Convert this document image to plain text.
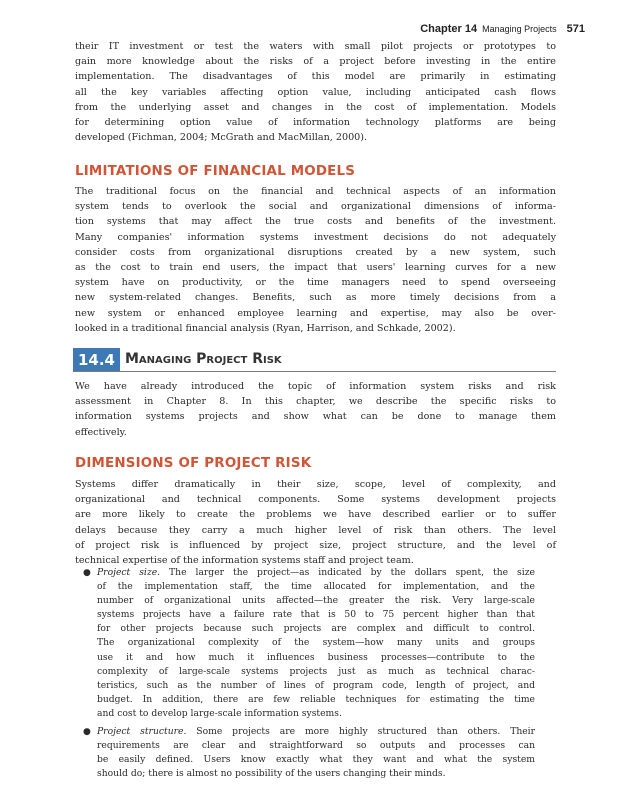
Chapter 14 Managing Projects 571

their IT investment or test the waters with small pilot projects or prototypes to
gain more knowledge about the risks of a project before investing in the entire
implementation. The disadvantages of this model are primarily in estimating
all the key variables affecting option value, including anticipated cash flows
from the underlying asset and changes in the cost of implementation. Models
for determining option value of information technology platforms are being
developed (Fichman, 2004; McGrath and MacMillan, 2000).

LIMITATIONS OF FINANCIAL MODELS

The traditional focus on the financial and technical aspects of an information
system tends to overlook the social and organizational dimensions of informa-
tion systems that may affect the true costs and benefits of the investment.
Many companies' information systems investment decisions do not adequately
consider costs from organizational disruptions created by a new system, such
as the cost to train end users, the impact that users' learning curves for a new
system have on productivity, or the time managers need to spend overseeing
new system-related changes. Benefits, such as more timely decisions from a
new system or enhanced employee learning and expertise, may also be over-
looked in a traditional financial analysis (Ryan, Harrison, and Schkade, 2002).

14.4 Managing Project Risk

We have already introduced the topic of information system risks and risk
assessment in Chapter 8. In this chapter, we describe the specific risks to
information systems projects and show what can be done to manage them
effectively.

DIMENSIONS OF PROJECT RISK

Systems differ dramatically in their size, scope, level of complexity, and
organizational and technical components. Some systems development projects
are more likely to create the problems we have described earlier or to suffer
delays because they carry a much higher level of risk than others. The level
of project risk is influenced by project size, project structure, and the level of
technical expertise of the information systems staff and project team.

● Project size. The larger the project—as indicated by the dollars spent, the size
of the implementation staff, the time allocated for implementation, and the
number of organizational units affected—the greater the risk. Very large-scale
systems projects have a failure rate that is 50 to 75 percent higher than that
for other projects because such projects are complex and difficult to control.
The organizational complexity of the system—how many units and groups
use it and how much it influences business processes—contribute to the
complexity of large-scale systems projects just as much as technical charac-
teristics, such as the number of lines of program code, length of project, and
budget. In addition, there are few reliable techniques for estimating the time
and cost to develop large-scale information systems.
● Project structure. Some projects are more highly structured than others. Their
requirements are clear and straightforward so outputs and processes can
be easily defined. Users know exactly what they want and what the system
should do; there is almost no possibility of the users changing their minds.
